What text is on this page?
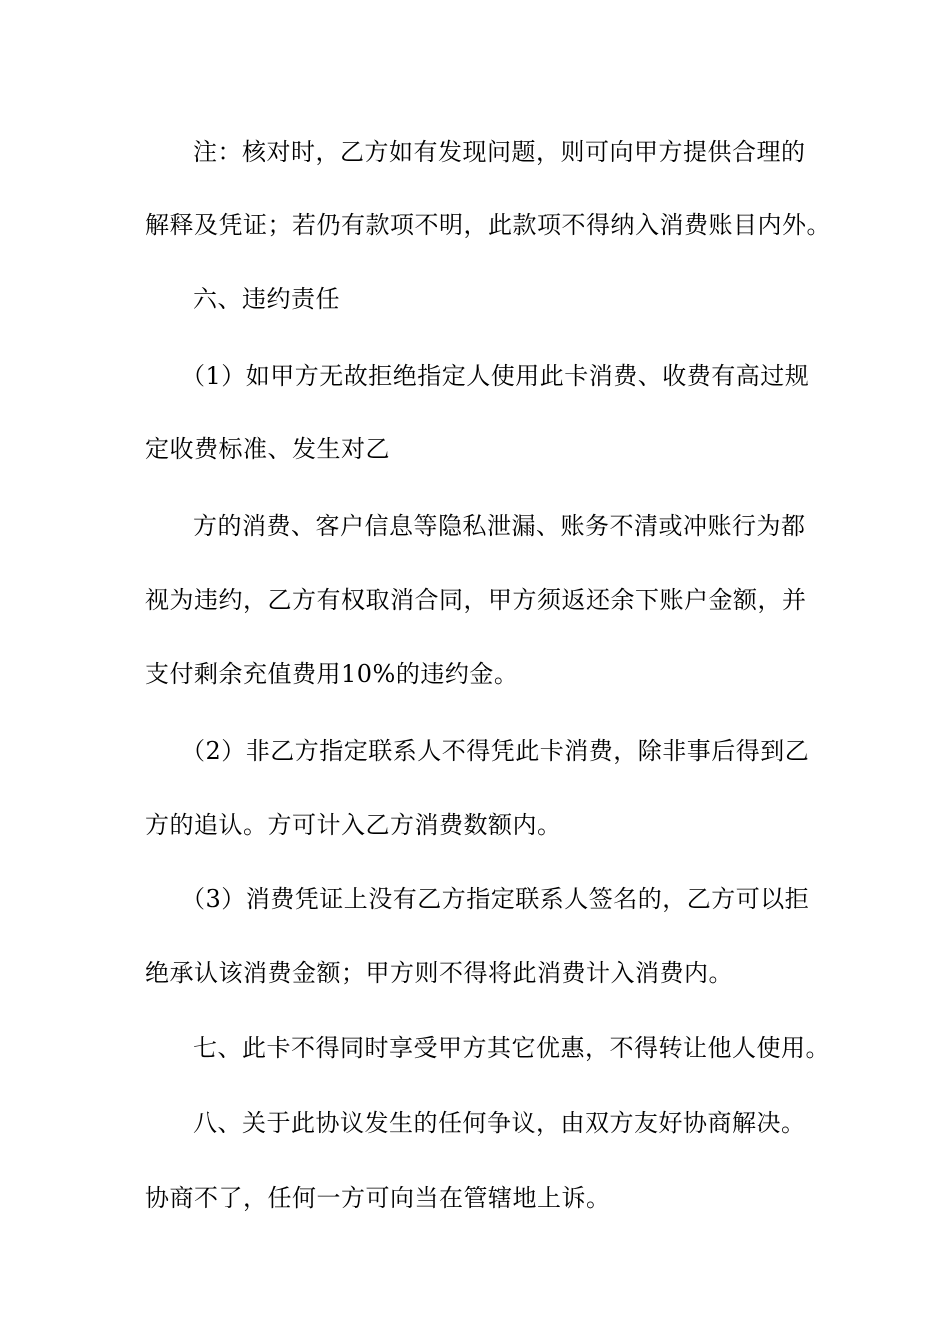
注：核对时，乙方如有发现问题，则可向甲方提供合理的
解释及凭证；若仍有款项不明，此款项不得纳入消费账目内外。
六、违约责任
（1）如甲方无故拒绝指定人使用此卡消费、收费有高过规
定收费标准、发生对乙
方的消费、客户信息等隐私泄漏、账务不清或冲账行为都
视为违约，乙方有权取消合同，甲方须返还余下账户金额，并
支付剩余充值费用10%的违约金。
（2）非乙方指定联系人不得凭此卡消费，除非事后得到乙
方的追认。方可计入乙方消费数额内。
（3）消费凭证上没有乙方指定联系人签名的，乙方可以拒
绝承认该消费金额；甲方则不得将此消费计入消费内。
七、此卡不得同时享受甲方其它优惠，不得转让他人使用。
八、关于此协议发生的任何争议，由双方友好协商解决。
协商不了，任何一方可向当在管辖地上诉。
